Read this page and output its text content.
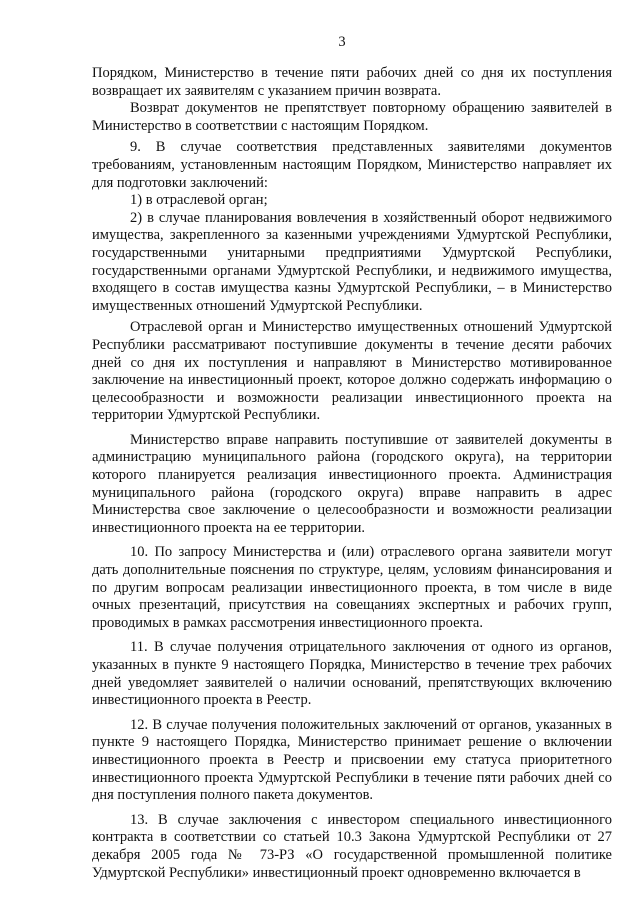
3

Порядком, Министерство в течение пяти рабочих дней со дня их поступления возвращает их заявителям с указанием причин возврата.

Возврат документов не препятствует повторному обращению заявителей в Министерство в соответствии с настоящим Порядком.

9. В случае соответствия представленных заявителями документов требованиям, установленным настоящим Порядком, Министерство направляет их для подготовки заключений:

1) в отраслевой орган;

2) в случае планирования вовлечения в хозяйственный оборот недвижимого имущества, закрепленного за казенными учреждениями Удмуртской Республики, государственными унитарными предприятиями Удмуртской Республики, государственными органами Удмуртской Республики, и недвижимого имущества, входящего в состав имущества казны Удмуртской Республики, – в Министерство имущественных отношений Удмуртской Республики.

Отраслевой орган и Министерство имущественных отношений Удмуртской Республики рассматривают поступившие документы в течение десяти рабочих дней со дня их поступления и направляют в Министерство мотивированное заключение на инвестиционный проект, которое должно содержать информацию о целесообразности и возможности реализации инвестиционного проекта на территории Удмуртской Республики.

Министерство вправе направить поступившие от заявителей документы в администрацию муниципального района (городского округа), на территории которого планируется реализация инвестиционного проекта. Администрация муниципального района (городского округа) вправе направить в адрес Министерства свое заключение о целесообразности и возможности реализации инвестиционного проекта на ее территории.

10. По запросу Министерства и (или) отраслевого органа заявители могут дать дополнительные пояснения по структуре, целям, условиям финансирования и по другим вопросам реализации инвестиционного проекта, в том числе в виде очных презентаций, присутствия на совещаниях экспертных и рабочих групп, проводимых в рамках рассмотрения инвестиционного проекта.

11. В случае получения отрицательного заключения от одного из органов, указанных в пункте 9 настоящего Порядка, Министерство в течение трех рабочих дней уведомляет заявителей о наличии оснований, препятствующих включению инвестиционного проекта в Реестр.

12. В случае получения положительных заключений от органов, указанных в пункте 9 настоящего Порядка, Министерство принимает решение о включении инвестиционного проекта в Реестр и присвоении ему статуса приоритетного инвестиционного проекта Удмуртской Республики в течение пяти рабочих дней со дня поступления полного пакета документов.

13. В случае заключения с инвестором специального инвестиционного контракта в соответствии со статьей 10.3 Закона Удмуртской Республики от 27 декабря 2005 года № 73-РЗ «О государственной промышленной политике Удмуртской Республики» инвестиционный проект одновременно включается в
